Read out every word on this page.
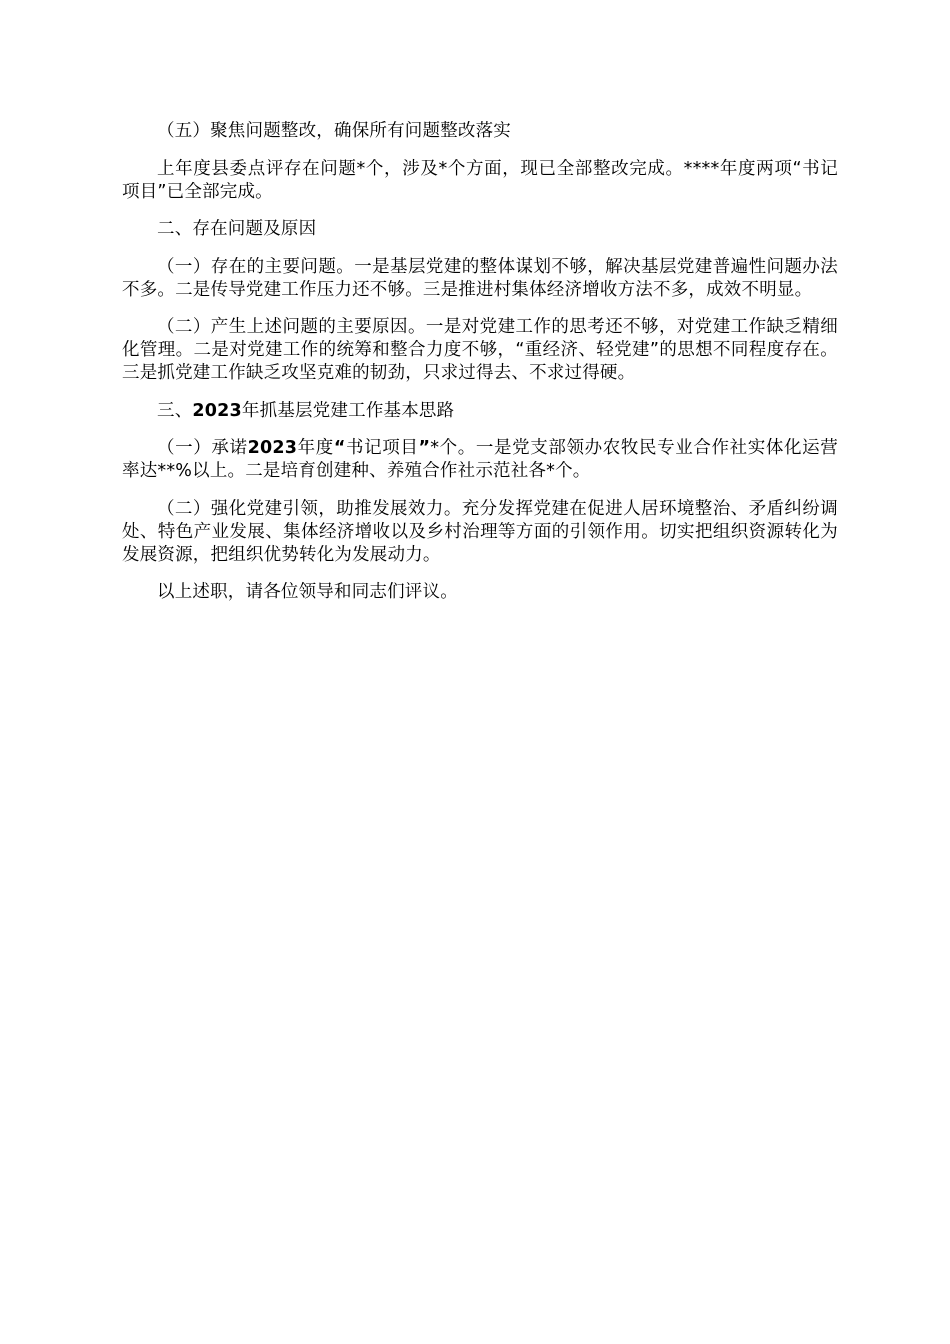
（五）聚焦问题整改，确保所有问题整改落实

上年度县委点评存在问题*个，涉及*个方面，现已全部整改完成。****年度两项“书记项目”已全部完成。

二、存在问题及原因

（一）存在的主要问题。一是基层党建的整体谋划不够，解决基层党建普遍性问题办法不多。二是传导党建工作压力还不够。三是推进村集体经济增收方法不多，成效不明显。

（二）产生上述问题的主要原因。一是对党建工作的思考还不够，对党建工作缺乏精细化管理。二是对党建工作的统筹和整合力度不够，“重经济、轻党建”的思想不同程度存在。三是抓党建工作缺乏攻坚克难的韧劲，只求过得去、不求过得硬。

三、2023年抓基层党建工作基本思路

（一）承诺2023年度“书记项目”*个。一是党支部领办农牧民专业合作社实体化运营率达**%以上。二是培育创建种、养殖合作社示范社各*个。

（二）强化党建引领，助推发展效力。充分发挥党建在促进人居环境整治、矛盾纠纷调处、特色产业发展、集体经济增收以及乡村治理等方面的引领作用。切实把组织资源转化为发展资源，把组织优势转化为发展动力。

以上述职，请各位领导和同志们评议。
